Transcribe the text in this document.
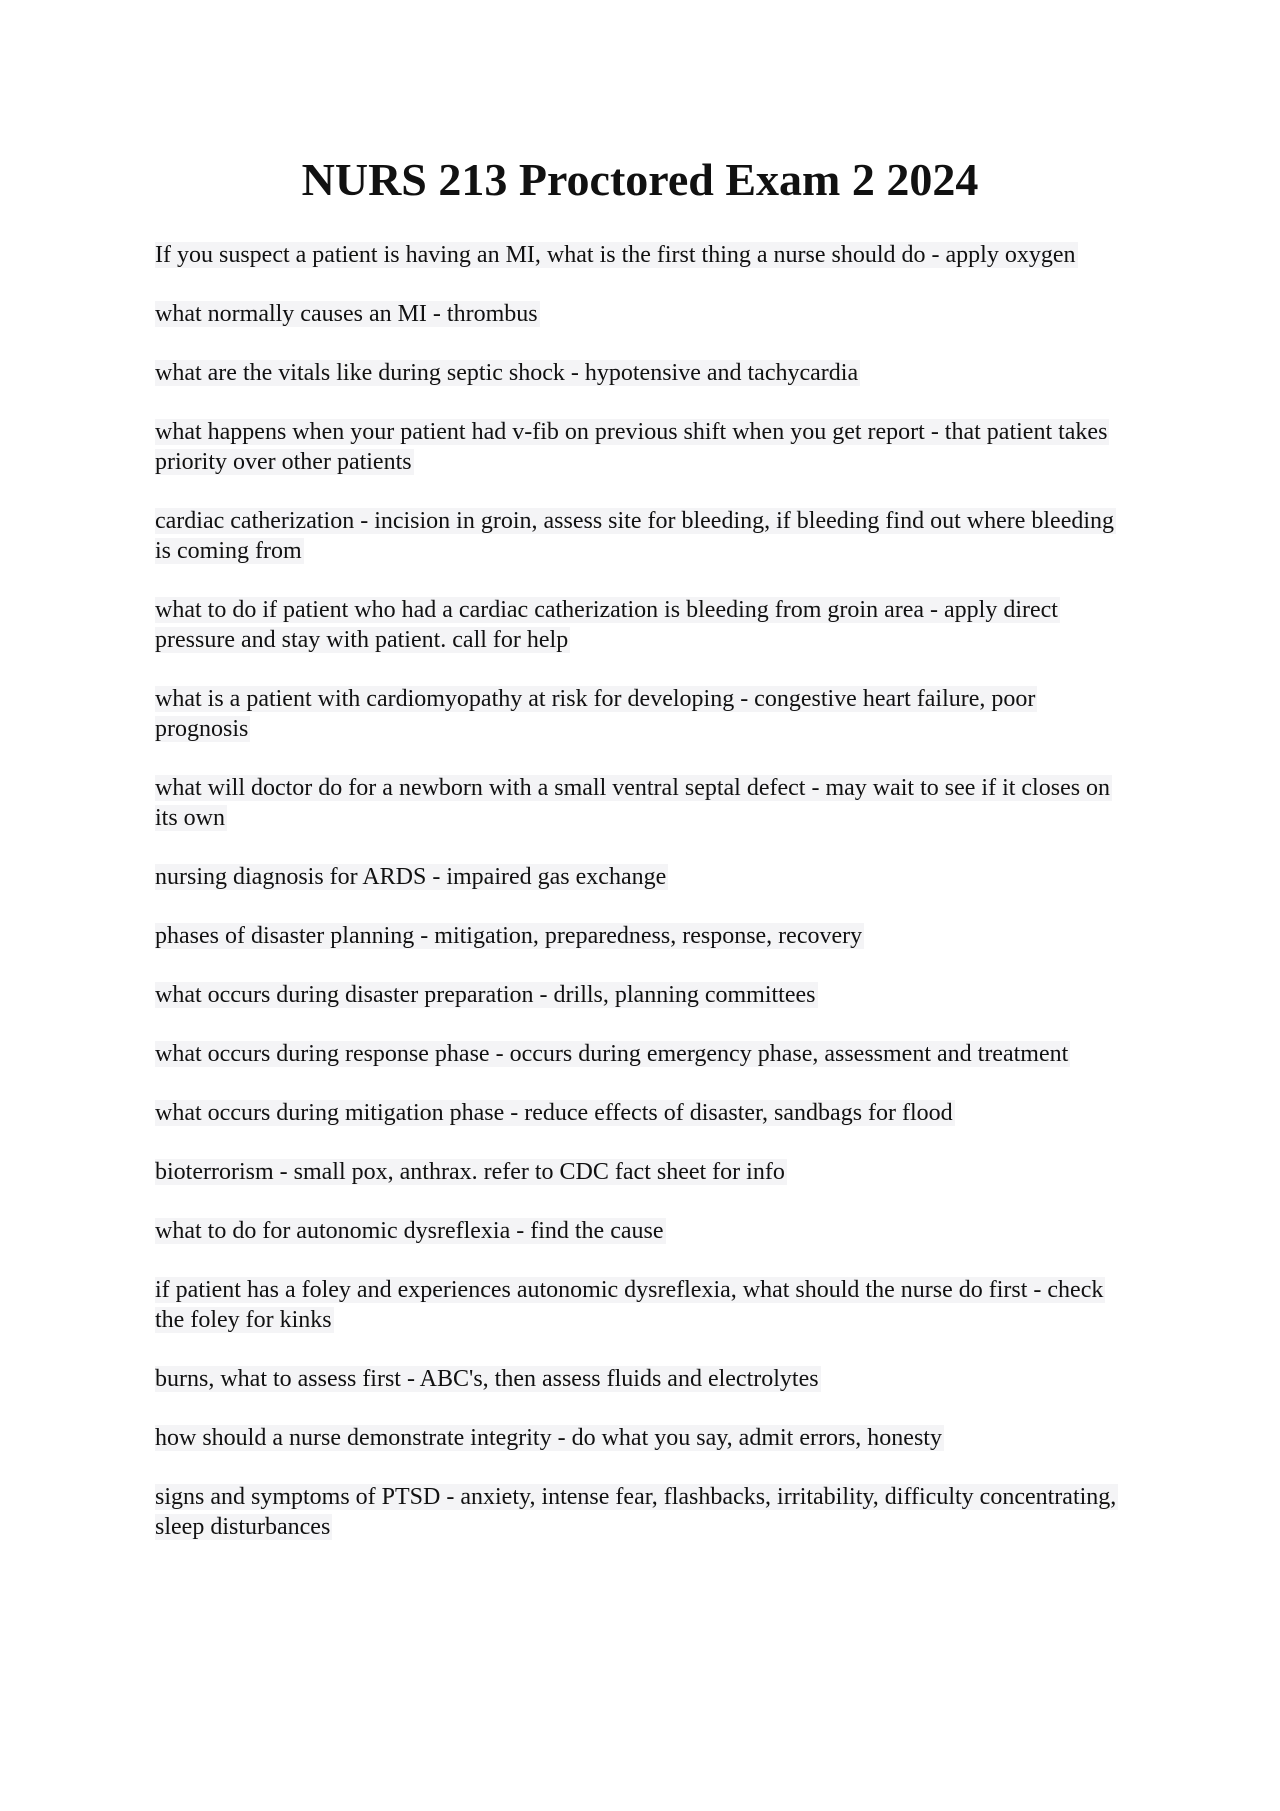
NURS 213 Proctored Exam 2 2024

If you suspect a patient is having an MI, what is the first thing a nurse should do - apply oxygen

what normally causes an MI - thrombus

what are the vitals like during septic shock - hypotensive and tachycardia

what happens when your patient had v-fib on previous shift when you get report - that patient takes priority over other patients

cardiac catherization - incision in groin, assess site for bleeding, if bleeding find out where bleeding is coming from

what to do if patient who had a cardiac catherization is bleeding from groin area - apply direct pressure and stay with patient. call for help

what is a patient with cardiomyopathy at risk for developing - congestive heart failure, poor prognosis

what will doctor do for a newborn with a small ventral septal defect - may wait to see if it closes on its own

nursing diagnosis for ARDS - impaired gas exchange

phases of disaster planning - mitigation, preparedness, response, recovery

what occurs during disaster preparation - drills, planning committees

what occurs during response phase - occurs during emergency phase, assessment and treatment

what occurs during mitigation phase - reduce effects of disaster, sandbags for flood

bioterrorism - small pox, anthrax. refer to CDC fact sheet for info

what to do for autonomic dysreflexia - find the cause

if patient has a foley and experiences autonomic dysreflexia, what should the nurse do first - check the foley for kinks

burns, what to assess first - ABC's, then assess fluids and electrolytes

how should a nurse demonstrate integrity - do what you say, admit errors, honesty

signs and symptoms of PTSD - anxiety, intense fear, flashbacks, irritability, difficulty concentrating, sleep disturbances
